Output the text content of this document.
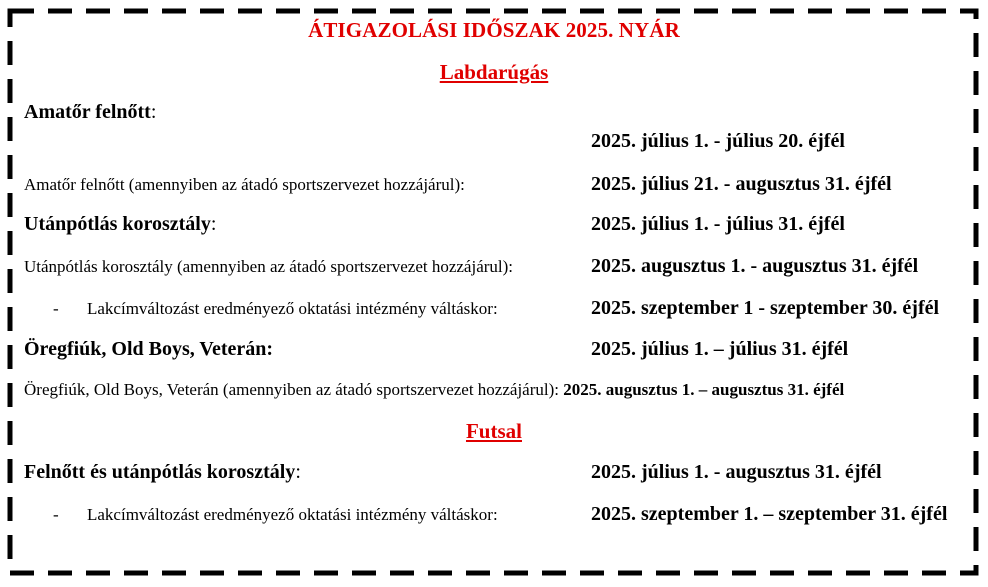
ÁTIGAZOLÁSI IDŐSZAK 2025. NYÁR
Labdarúgás
Amatőr felnőtt:
2025. július 1. - július 20. éjfél
Amatőr felnőtt (amennyiben az átadó sportszervezet hozzájárul):	2025. július 21. - augusztus 31. éjfél
Utánpótlás korosztály:	2025. július 1. - július 31. éjfél
Utánpótlás korosztály (amennyiben az átadó sportszervezet hozzájárul):	2025. augusztus 1. - augusztus 31. éjfél
- Lakcímváltozást eredményező oktatási intézmény váltáskor:	2025. szeptember 1 - szeptember 30. éjfél
Öregfiúk, Old Boys, Veterán:	2025. július 1. – július 31. éjfél
Öregfiúk, Old Boys, Veterán (amennyiben az átadó sportszervezet hozzájárul): 2025. augusztus 1. – augusztus 31. éjfél
Futsal
Felnőtt és utánpótlás korosztály:	2025. július 1. - augusztus 31. éjfél
- Lakcímváltozást eredményező oktatási intézmény váltáskor:	2025. szeptember 1. – szeptember 31. éjfél
